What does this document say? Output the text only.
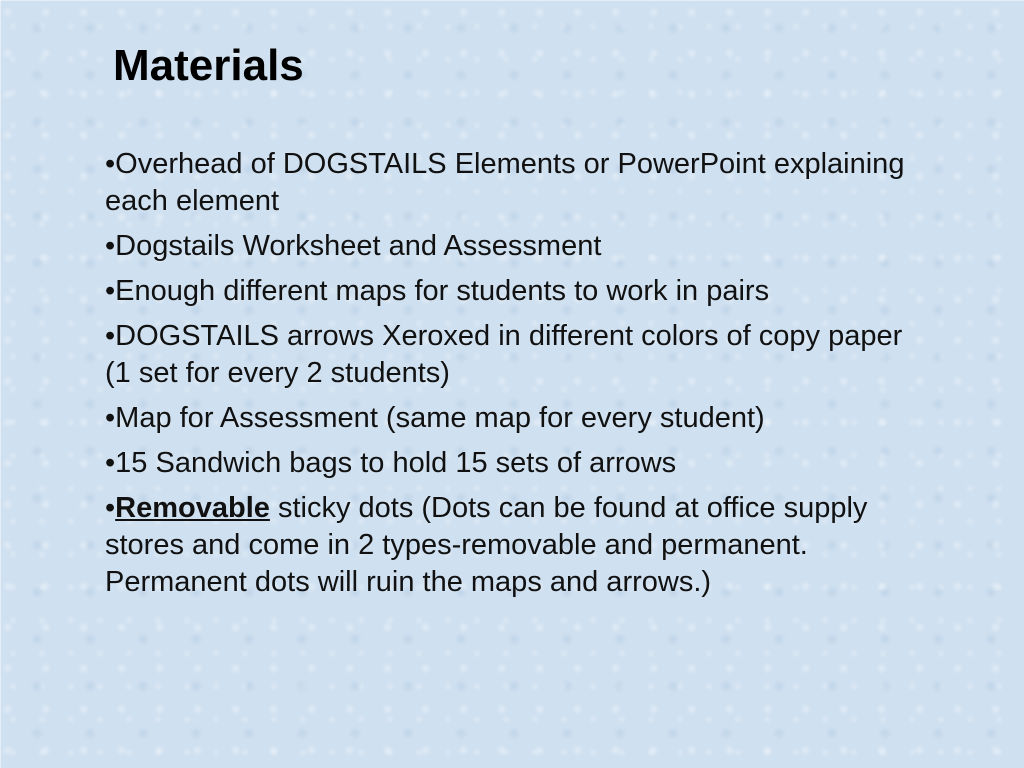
Materials
•Overhead of DOGSTAILS Elements or PowerPoint explaining each element
•Dogstails Worksheet and Assessment
•Enough different maps for students to work in pairs
•DOGSTAILS arrows Xeroxed in different colors of copy paper (1 set for every 2 students)
•Map for Assessment (same map for every student)
•15 Sandwich bags to hold 15 sets of arrows
•Removable sticky dots (Dots can be found at office supply stores and come in 2 types-removable and permanent. Permanent dots will ruin the maps and arrows.)
